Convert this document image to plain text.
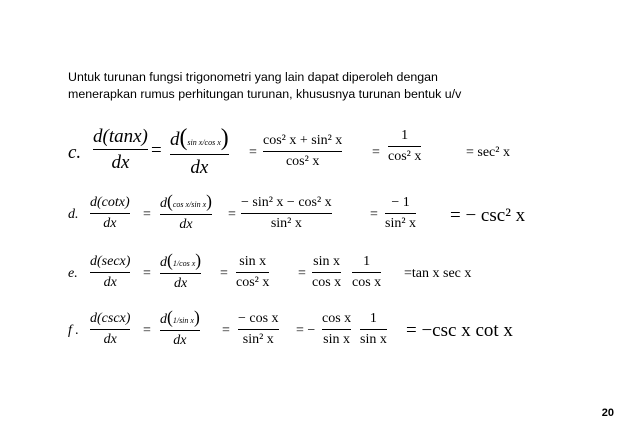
Untuk turunan fungsi trigonometri yang lain dapat diperoleh dengan
menerapkan rumus perhitungan turunan, khususnya turunan bentuk u/v
c.
d(tanx)
dx
=
d(sin x/cos x)
dx
=
cos² x + sin² x
cos² x
=
1
cos² x	= sec² x
d.
d(cotx)
dx
=
d(cos x/sin x)
dx
=
− sin² x − cos² x
sin² x
=
− 1
sin² x = − csc² x
e.
d(secx)
dx
=
d(1/cos x)
dx
=
sin x
cos² x
=
sin x
cos x
1
cos x
=tan x sec x
f .
d(cscx)
dx
=
d(1/sin x)
dx
=
− cos x
sin² x
= −
cos x
sin x
1
sin x = −csc x cot x
20
